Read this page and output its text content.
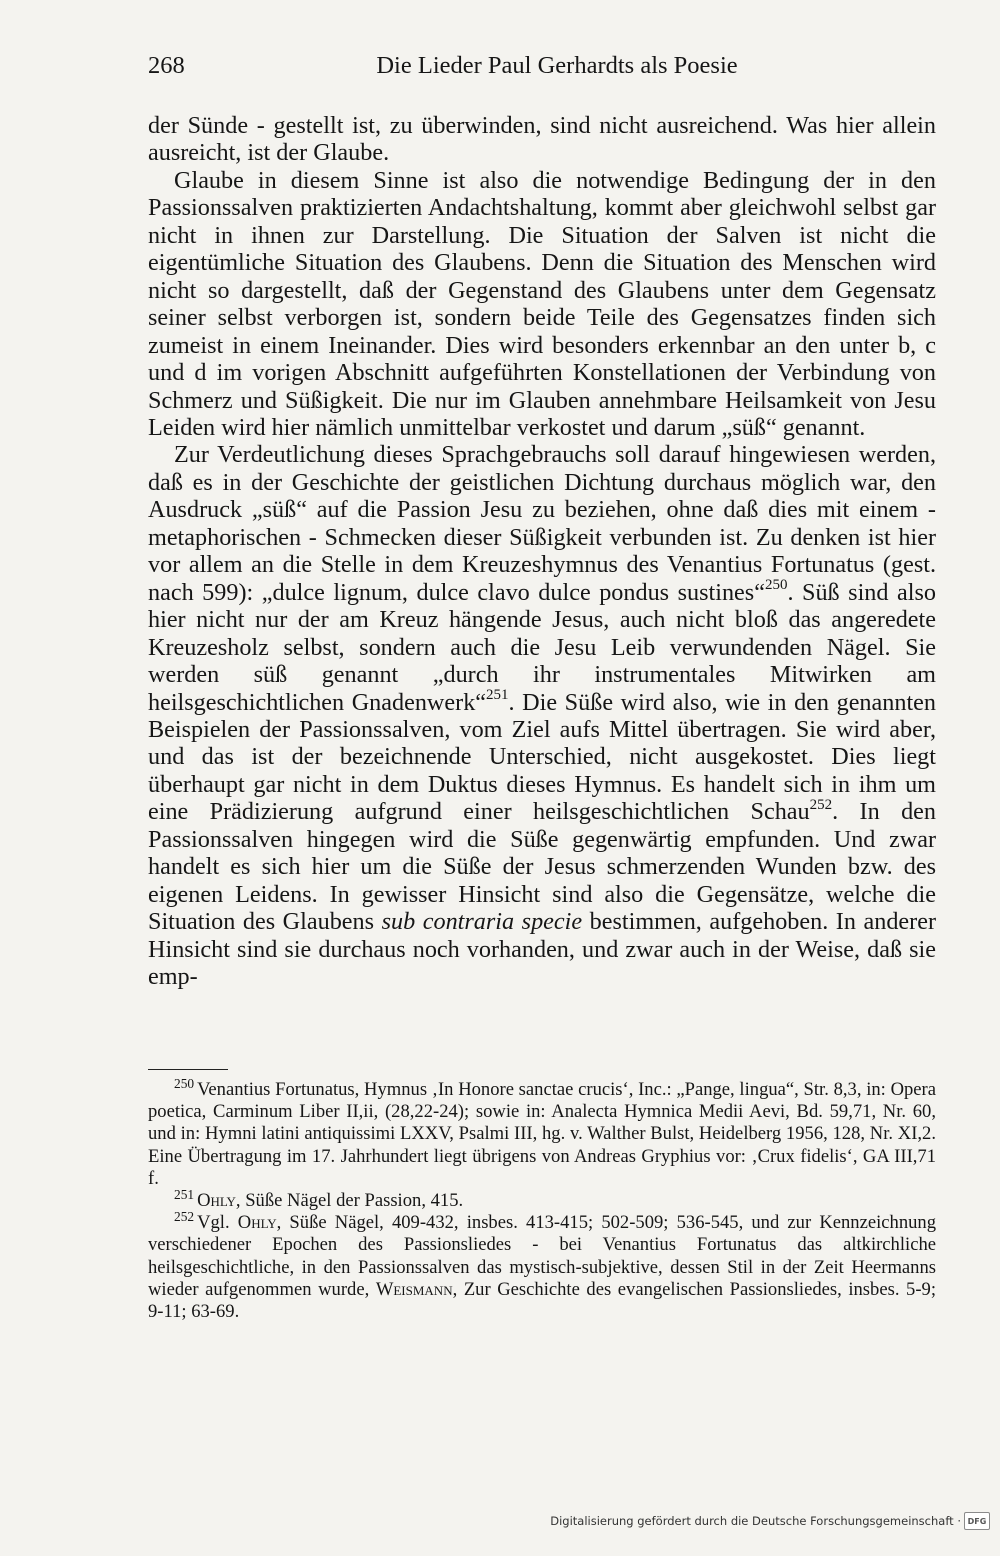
268	Die Lieder Paul Gerhardts als Poesie

der Sünde - gestellt ist, zu überwinden, sind nicht ausreichend. Was hier allein ausreicht, ist der Glaube.

Glaube in diesem Sinne ist also die notwendige Bedingung der in den Passionssalven praktizierten Andachtshaltung, kommt aber gleichwohl selbst gar nicht in ihnen zur Darstellung. Die Situation der Salven ist nicht die eigentümliche Situation des Glaubens. Denn die Situation des Menschen wird nicht so dargestellt, daß der Gegenstand des Glaubens unter dem Gegensatz seiner selbst verborgen ist, sondern beide Teile des Gegensatzes finden sich zumeist in einem Ineinander. Dies wird besonders erkennbar an den unter b, c und d im vorigen Abschnitt aufgeführten Konstellationen der Verbindung von Schmerz und Süßigkeit. Die nur im Glauben annehmbare Heilsamkeit von Jesu Leiden wird hier nämlich unmittelbar verkostet und darum „süß“ genannt.

Zur Verdeutlichung dieses Sprachgebrauchs soll darauf hingewiesen werden, daß es in der Geschichte der geistlichen Dichtung durchaus möglich war, den Ausdruck „süß“ auf die Passion Jesu zu beziehen, ohne daß dies mit einem - metaphorischen - Schmecken dieser Süßigkeit verbunden ist. Zu denken ist hier vor allem an die Stelle in dem Kreuzeshymnus des Venantius Fortunatus (gest. nach 599): „dulce lignum, dulce clavo dulce pondus sustines“$^{250}$. Süß sind also hier nicht nur der am Kreuz hängende Jesus, auch nicht bloß das angeredete Kreuzesholz selbst, sondern auch die Jesu Leib verwundenden Nägel. Sie werden süß genannt „durch ihr instrumentales Mitwirken am heilsgeschichtlichen Gnadenwerk“$^{251}$. Die Süße wird also, wie in den genannten Beispielen der Passionssalven, vom Ziel aufs Mittel übertragen. Sie wird aber, und das ist der bezeichnende Unterschied, nicht ausgekostet. Dies liegt überhaupt gar nicht in dem Duktus dieses Hymnus. Es handelt sich in ihm um eine Prädizierung aufgrund einer heilsgeschichtlichen Schau$^{252}$. In den Passionssalven hingegen wird die Süße gegenwärtig empfunden. Und zwar handelt es sich hier um die Süße der Jesus schmerzenden Wunden bzw. des eigenen Leidens. In gewisser Hinsicht sind also die Gegensätze, welche die Situation des Glaubens sub contraria specie bestimmen, aufgehoben. In anderer Hinsicht sind sie durchaus noch vorhanden, und zwar auch in der Weise, daß sie emp-

$^{250}$ Venantius Fortunatus, Hymnus ‚In Honore sanctae crucis‘, Inc.: „Pange, lingua“, Str. 8,3, in: Opera poetica, Carminum Liber II,ii, (28,22-24); sowie in: Analecta Hymnica Medii Aevi, Bd. 59,71, Nr. 60, und in: Hymni latini antiquissimi LXXV, Psalmi III, hg. v. Walther Bulst, Heidelberg 1956, 128, Nr. XI,2. Eine Übertragung im 17. Jahrhundert liegt übrigens von Andreas Gryphius vor: ‚Crux fidelis‘, GA III,71 f.

$^{251}$ Ohly, Süße Nägel der Passion, 415.

$^{252}$ Vgl. Ohly, Süße Nägel, 409-432, insbes. 413-415; 502-509; 536-545, und zur Kennzeichnung verschiedener Epochen des Passionsliedes - bei Venantius Fortunatus das altkirchliche heilsgeschichtliche, in den Passionssalven das mystisch-subjektive, dessen Stil in der Zeit Heermanns wieder aufgenommen wurde, Weismann, Zur Geschichte des evangelischen Passionsliedes, insbes. 5-9; 9-11; 63-69.

Digitalisierung gefördert durch die Deutsche Forschungsgemeinschaft · DFG
